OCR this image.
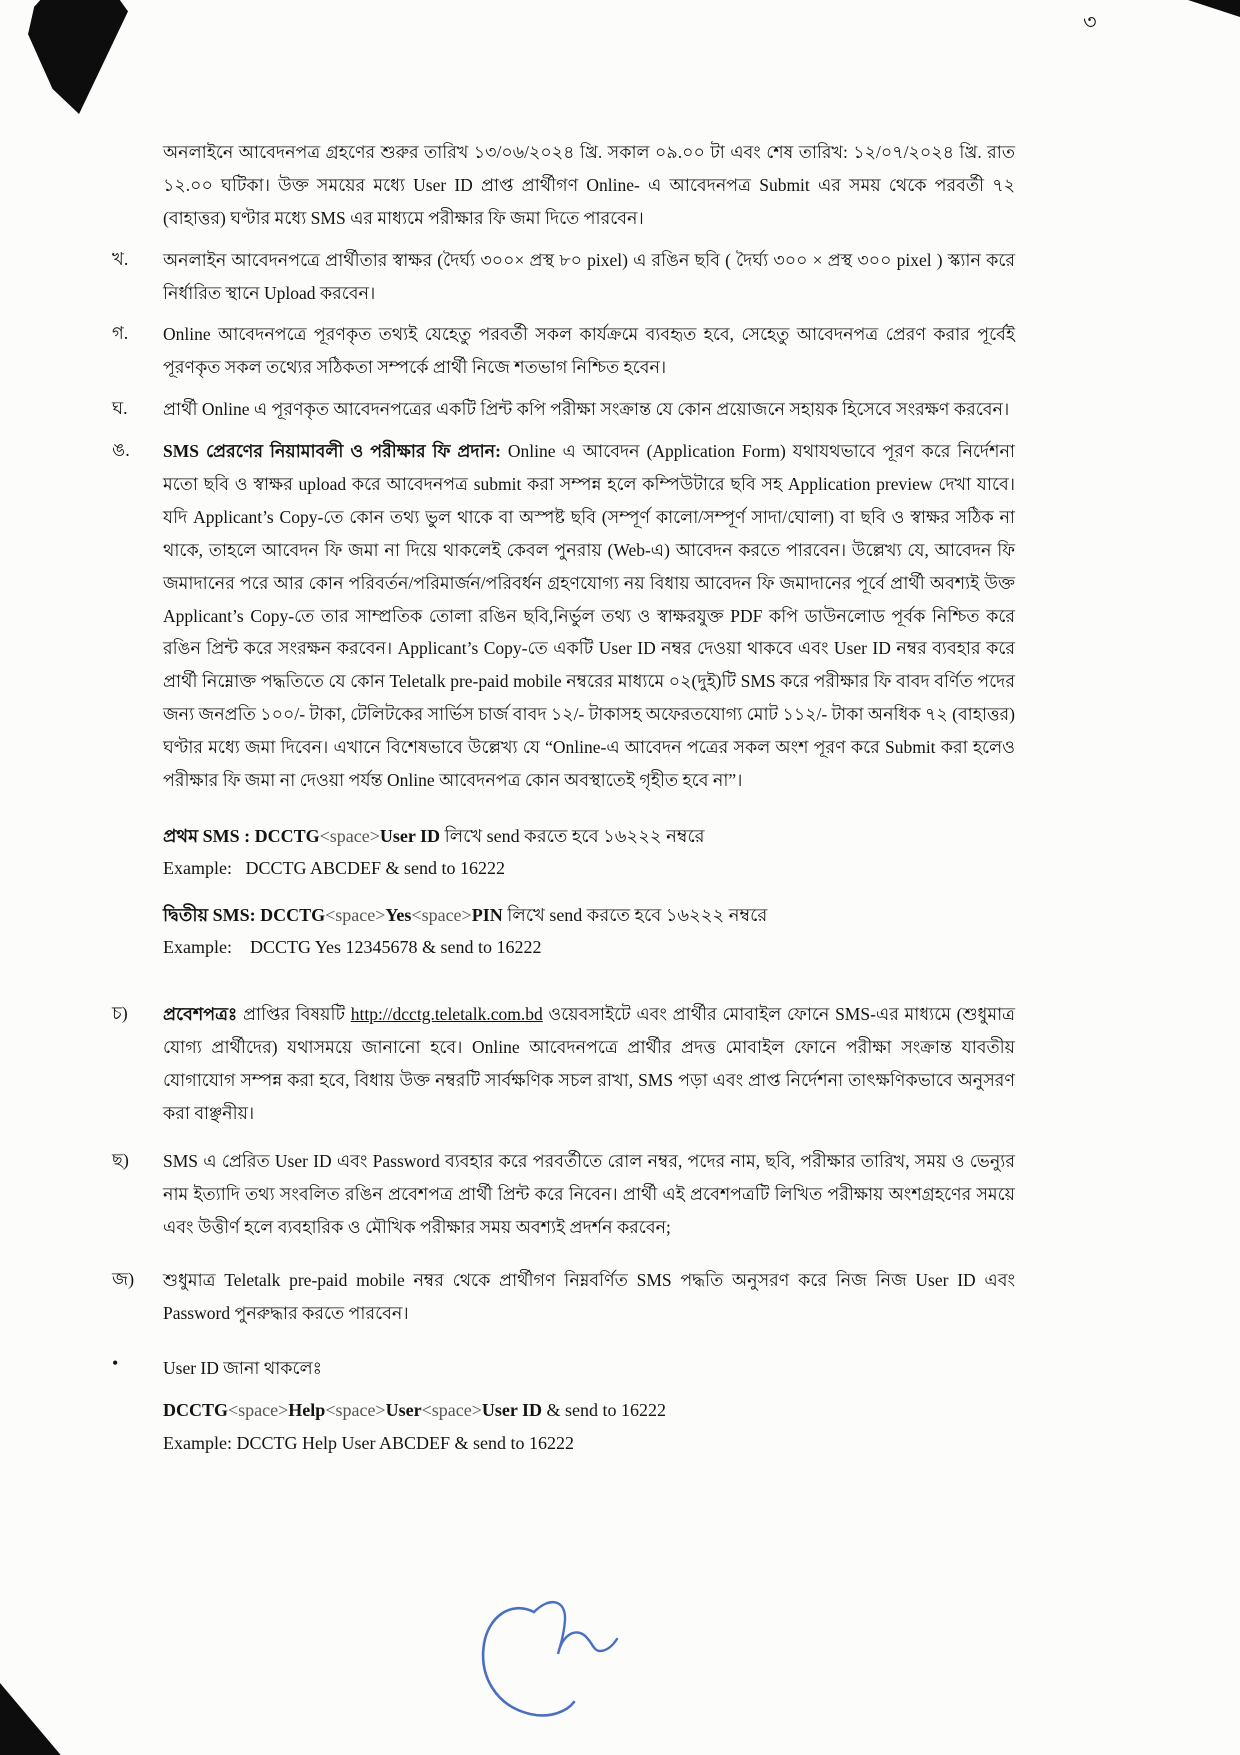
৩
অনলাইনে আবেদনপত্র গ্রহণের শুরুর তারিখ ১৩/০৬/২০২৪ খ্রি. সকাল ০৯.০০ টা এবং শেষ তারিখ: ১২/০৭/২০২৪ খ্রি. রাত ১২.০০ ঘটিকা। উক্ত সময়ের মধ্যে User ID প্রাপ্ত প্রার্থীগণ Online- এ আবেদনপত্র Submit এর সময় থেকে পরবর্তী ৭২ (বাহাত্তর) ঘণ্টার মধ্যে SMS এর মাধ্যমে পরীক্ষার ফি জমা দিতে পারবেন।
খ.	অনলাইন আবেদনপত্রে প্রার্থীতার স্বাক্ষর (দৈর্ঘ্য ৩০০× প্রস্থ ৮০ pixel) এ রঙিন ছবি ( দৈর্ঘ্য ৩০০ × প্রস্থ ৩০০ pixel ) স্ক্যান করে নির্ধারিত স্থানে Upload করবেন।
গ.	Online আবেদনপত্রে পূরণকৃত তথ্যই যেহেতু পরবর্তী সকল কার্যক্রমে ব্যবহৃত হবে, সেহেতু আবেদনপত্র প্রেরণ করার পূর্বেই পূরণকৃত সকল তথ্যের সঠিকতা সম্পর্কে প্রার্থী নিজে শতভাগ নিশ্চিত হবেন।
ঘ.	প্রার্থী Online এ পূরণকৃত আবেদনপত্রের একটি প্রিন্ট কপি পরীক্ষা সংক্রান্ত যে কোন প্রয়োজনে সহায়ক হিসেবে সংরক্ষণ করবেন।
ঙ.	SMS প্রেরণের নিয়ামাবলী ও পরীক্ষার ফি প্রদান: Online এ আবেদন (Application Form) যথাযথভাবে পূরণ করে নির্দেশনা মতো ছবি ও স্বাক্ষর upload করে আবেদনপত্র submit করা সম্পন্ন হলে কম্পিউটারে ছবি সহ Application preview দেখা যাবে। যদি Applicant’s Copy-তে কোন তথ্য ভুল থাকে বা অস্পষ্ট ছবি (সম্পূর্ণ কালো/সম্পূর্ণ সাদা/ঘোলা) বা ছবি ও স্বাক্ষর সঠিক না থাকে, তাহলে আবেদন ফি জমা না দিয়ে থাকলেই কেবল পুনরায় (Web-এ) আবেদন করতে পারবেন। উল্লেখ্য যে, আবেদন ফি জমাদানের পরে আর কোন পরিবর্তন/পরিমার্জন/পরিবর্ধন গ্রহণযোগ্য নয় বিধায় আবেদন ফি জমাদানের পূর্বে প্রার্থী অবশ্যই উক্ত Applicant’s Copy-তে তার সাম্প্রতিক তোলা রঙিন ছবি,নির্ভুল তথ্য ও স্বাক্ষরযুক্ত PDF কপি ডাউনলোড পূর্বক নিশ্চিত করে রঙিন প্রিন্ট করে সংরক্ষন করবেন। Applicant’s Copy-তে একটি User ID নম্বর দেওয়া থাকবে এবং User ID নম্বর ব্যবহার করে প্রার্থী নিম্নোক্ত পদ্ধতিতে যে কোন Teletalk pre-paid mobile নম্বরের মাধ্যমে ০২(দুই)টি SMS করে পরীক্ষার ফি বাবদ বর্ণিত পদের জন্য জনপ্রতি ১০০/- টাকা, টেলিটকের সার্ভিস চার্জ বাবদ ১২/- টাকাসহ অফেরতযোগ্য মোট ১১২/- টাকা অনধিক ৭২ (বাহাত্তর) ঘণ্টার মধ্যে জমা দিবেন। এখানে বিশেষভাবে উল্লেখ্য যে “Online-এ আবেদন পত্রের সকল অংশ পূরণ করে Submit করা হলেও পরীক্ষার ফি জমা না দেওয়া পর্যন্ত Online আবেদনপত্র কোন অবস্থাতেই গৃহীত হবে না”।
প্রথম SMS : DCCTG<space>User ID লিখে send করতে হবে ১৬২২২ নম্বরে
Example:   DCCTG ABCDEF & send to 16222
দ্বিতীয় SMS: DCCTG<space>Yes<space>PIN লিখে send করতে হবে ১৬২২২ নম্বরে
Example:    DCCTG Yes 12345678 & send to 16222
চ)	প্রবেশপত্রঃ প্রাপ্তির বিষয়টি http://dcctg.teletalk.com.bd ওয়েবসাইটে এবং প্রার্থীর মোবাইল ফোনে SMS-এর মাধ্যমে (শুধুমাত্র যোগ্য প্রার্থীদের) যথাসময়ে জানানো হবে। Online আবেদনপত্রে প্রার্থীর প্রদত্ত মোবাইল ফোনে পরীক্ষা সংক্রান্ত যাবতীয় যোগাযোগ সম্পন্ন করা হবে, বিধায় উক্ত নম্বরটি সার্বক্ষণিক সচল রাখা, SMS পড়া এবং প্রাপ্ত নির্দেশনা তাৎক্ষণিকভাবে অনুসরণ করা বাঞ্ছনীয়।
ছ)	SMS এ প্রেরিত User ID এবং Password ব্যবহার করে পরবর্তীতে রোল নম্বর, পদের নাম, ছবি, পরীক্ষার তারিখ, সময় ও ভেন্যুর নাম ইত্যাদি তথ্য সংবলিত রঙিন প্রবেশপত্র প্রার্থী প্রিন্ট করে নিবেন। প্রার্থী এই প্রবেশপত্রটি লিখিত পরীক্ষায় অংশগ্রহণের সময়ে এবং উত্তীর্ণ হলে ব্যবহারিক ও মৌখিক পরীক্ষার সময় অবশ্যই প্রদর্শন করবেন;
জ)	শুধুমাত্র Teletalk pre-paid mobile নম্বর থেকে প্রার্থীগণ নিম্নবর্ণিত SMS পদ্ধতি অনুসরণ করে নিজ নিজ User ID এবং Password পুনরুদ্ধার করতে পারবেন।
•	User ID জানা থাকলেঃ
DCCTG<space>Help<space>User<space>User ID & send to 16222
Example: DCCTG Help User ABCDEF & send to 16222
